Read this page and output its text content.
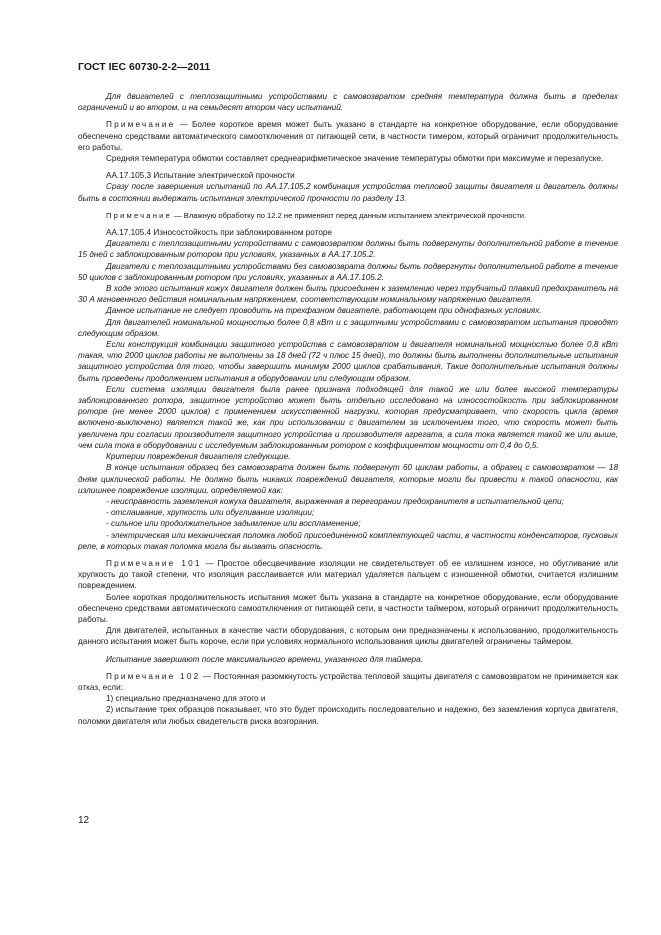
ГОСТ IEC 60730-2-2—2011

Для двигателей с теплозащитными устройствами с самовозвратом средняя температура должна быть в пределах ограничений и во втором, и на семьдесят втором часу испытаний.

Примечание — Более короткое время может быть указано в стандарте на конкретное оборудование, если оборудование обеспечено средствами автоматического самоотключения от питающей сети, в частности тимером, который ограничит продолжительность его работы.

Средняя температура обмотки составляет среднеарифметическое значение температуры обмотки при максимуме и перезапуске.

AA.17.105.3 Испытание электрической прочности

Сразу после завершения испытаний по AA.17.105.2 комбинация устройства тепловой защиты двигателя и двигатель должны быть в состоянии выдержать испытания электрической прочности по разделу 13.

Примечание — Влажную обработку по 12.2 не применяют перед данным испытанием электрической прочности.

AA.17.105.4 Износостойкость при заблокированном роторе

Двигатели с теплозащитными устройствами с самовозвратом должны быть подвергнуты дополнительной работе в течение 15 дней с заблокированным ротором при условиях, указанных в AA.17.105.2.

Двигатели с теплозащитными устройствами без самовозврата должны быть подвергнуты дополнительной работе в течение 50 циклов с заблокированным ротором при условиях, указанных в AA.17.105.2.

В ходе этого испытания кожух двигателя должен быть присоединен к заземлению через трубчатый плавкий предохранитель на 30 А мгновенного действия номинальным напряжением, соответствующим номинальному напряжению двигателя.

Данное испытание не следует проводить на трехфазном двигателе, работающем при однофазных условиях.

Для двигателей номинальной мощностью более 0,8 кВт и с защитными устройствами с самовозвратом испытания проводят следующим образом.

Если конструкция комбинации защитного устройства с самовозвратом и двигателя номинальной мощностью более 0,8 кВт такая, что 2000 циклов работы не выполнены за 18 дней (72 ч плюс 15 дней), то должны быть выполнены дополнительные испытания защитного устройства для того, чтобы завершить минимум 2000 циклов срабатывания. Такие дополнительные испытания должны быть проведены продолжением испытания в оборудовании или следующим образом.

Если система изоляции двигателя была ранее признана подходящей для такой же или более высокой температуры заблокированного ротора, защитное устройство может быть отдельно исследовано на износостойкость при заблокированном роторе (не менее 2000 циклов) с применением искусственной нагрузки, которая предусматривает, что скорость цикла (время включено-выключено) является такой же, как при использовании с двигателем за исключением того, что скорость может быть увеличена при согласии производителя защитного устройства и производителя агрегата, а сила тока является такой же или выше, чем сила тока в оборудовании с исследуемым заблокированным ротором с коэффициентом мощности от 0,4 до 0,5.

Критерии повреждения двигателя следующие.

В конце испытания образец без самовозврата должен быть подвергнут 60 циклам работы, а образец с самовозвратом — 18 дням циклической работы. Не должно быть никаких повреждений двигателя, которые могли бы привести к такой опасности, как излишнее повреждение изоляции, определяемой как:

- неисправность заземления кожуха двигателя, выраженная в перегорании предохранителя в испытательной цепи;

- отслаивание, хрупкость или обугливание изоляции;

- сильное или продолжительное задымление или воспламенение;

- электрическая или механическая поломка любой присоединенной комплектующей части, в частности конденсаторов, пусковых реле, в которых такая поломка могла бы вызвать опасность.

Примечание 101 — Простое обесцвечивание изоляции не свидетельствует об ее излишнем износе, но обугливание или хрупкость до такой степени, что изоляция расслаивается или материал удаляется пальцем с изношенной обмотки, считается излишним повреждением.

Более короткая продолжительность испытания может быть указана в стандарте на конкретное оборудование, если оборудование обеспечено средствами автоматического самоотключения от питающей сети, в частности таймером, который ограничит продолжительность работы.

Для двигателей, испытанных в качестве части оборудования, с которым они предназначены к использованию, продолжительность данного испытания может быть короче, если при условиях нормального использования циклы двигателей ограничены таймером.

Испытание завершают после максимального времени, указанного для таймера.

Примечание 102 — Постоянная разомкнутость устройства тепловой защиты двигателя с самовозвратом не принимается как отказ, если:

1) специально предназначено для этого и

2) испытание трех образцов показывает, что это будет происходить последовательно и надежно, без заземления корпуса двигателя, поломки двигателя или любых свидетельств риска возгорания.

12
